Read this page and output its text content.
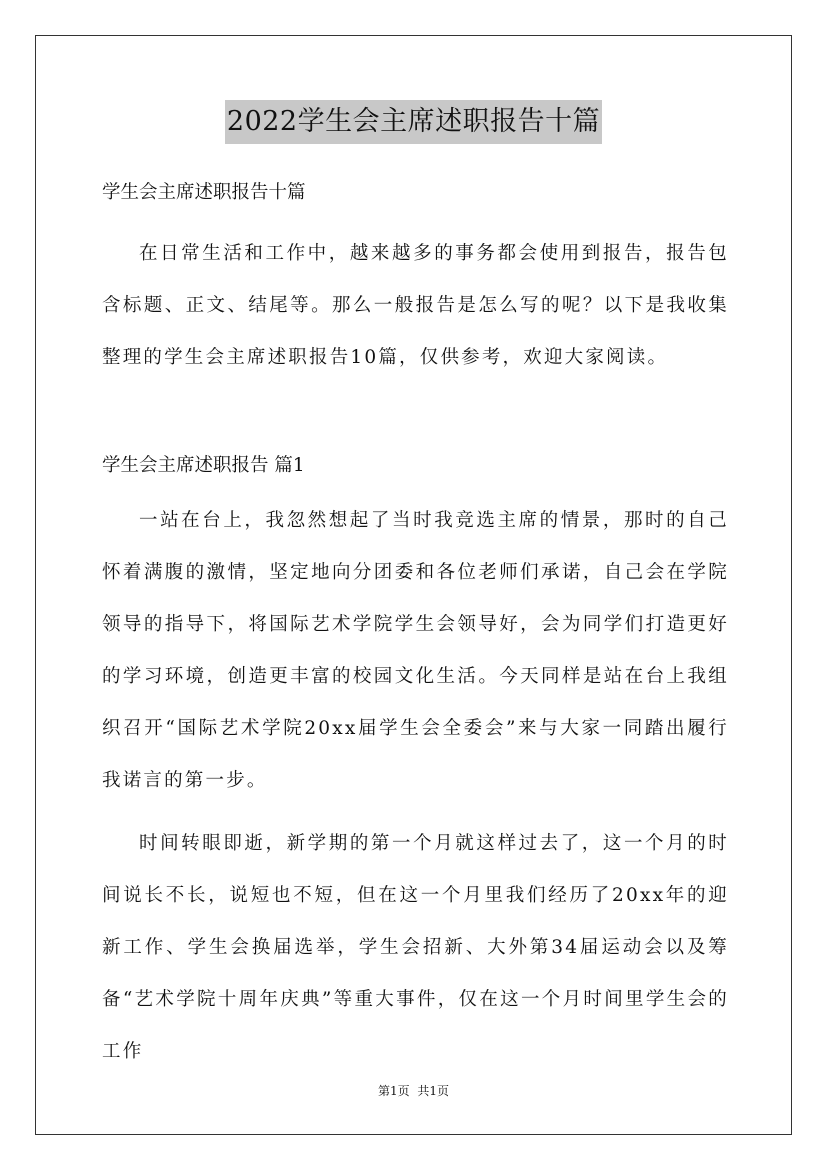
2022学生会主席述职报告十篇
学生会主席述职报告十篇

在日常生活和工作中，越来越多的事务都会使用到报告，报告包含标题、正文、结尾等。那么一般报告是怎么写的呢？以下是我收集整理的学生会主席述职报告10篇，仅供参考，欢迎大家阅读。

学生会主席述职报告 篇1

一站在台上，我忽然想起了当时我竞选主席的情景，那时的自己怀着满腹的激情，坚定地向分团委和各位老师们承诺，自己会在学院领导的指导下，将国际艺术学院学生会领导好，会为同学们打造更好的学习环境，创造更丰富的校园文化生活。今天同样是站在台上我组织召开“国际艺术学院20xx届学生会全委会”来与大家一同踏出履行我诺言的第一步。

时间转眼即逝，新学期的第一个月就这样过去了，这一个月的时间说长不长，说短也不短，但在这一个月里我们经历了20xx年的迎新工作、学生会换届选举，学生会招新、大外第34届运动会以及筹备“艺术学院十周年庆典”等重大事件，仅在这一个月时间里学生会的工作

第1页 共1页
